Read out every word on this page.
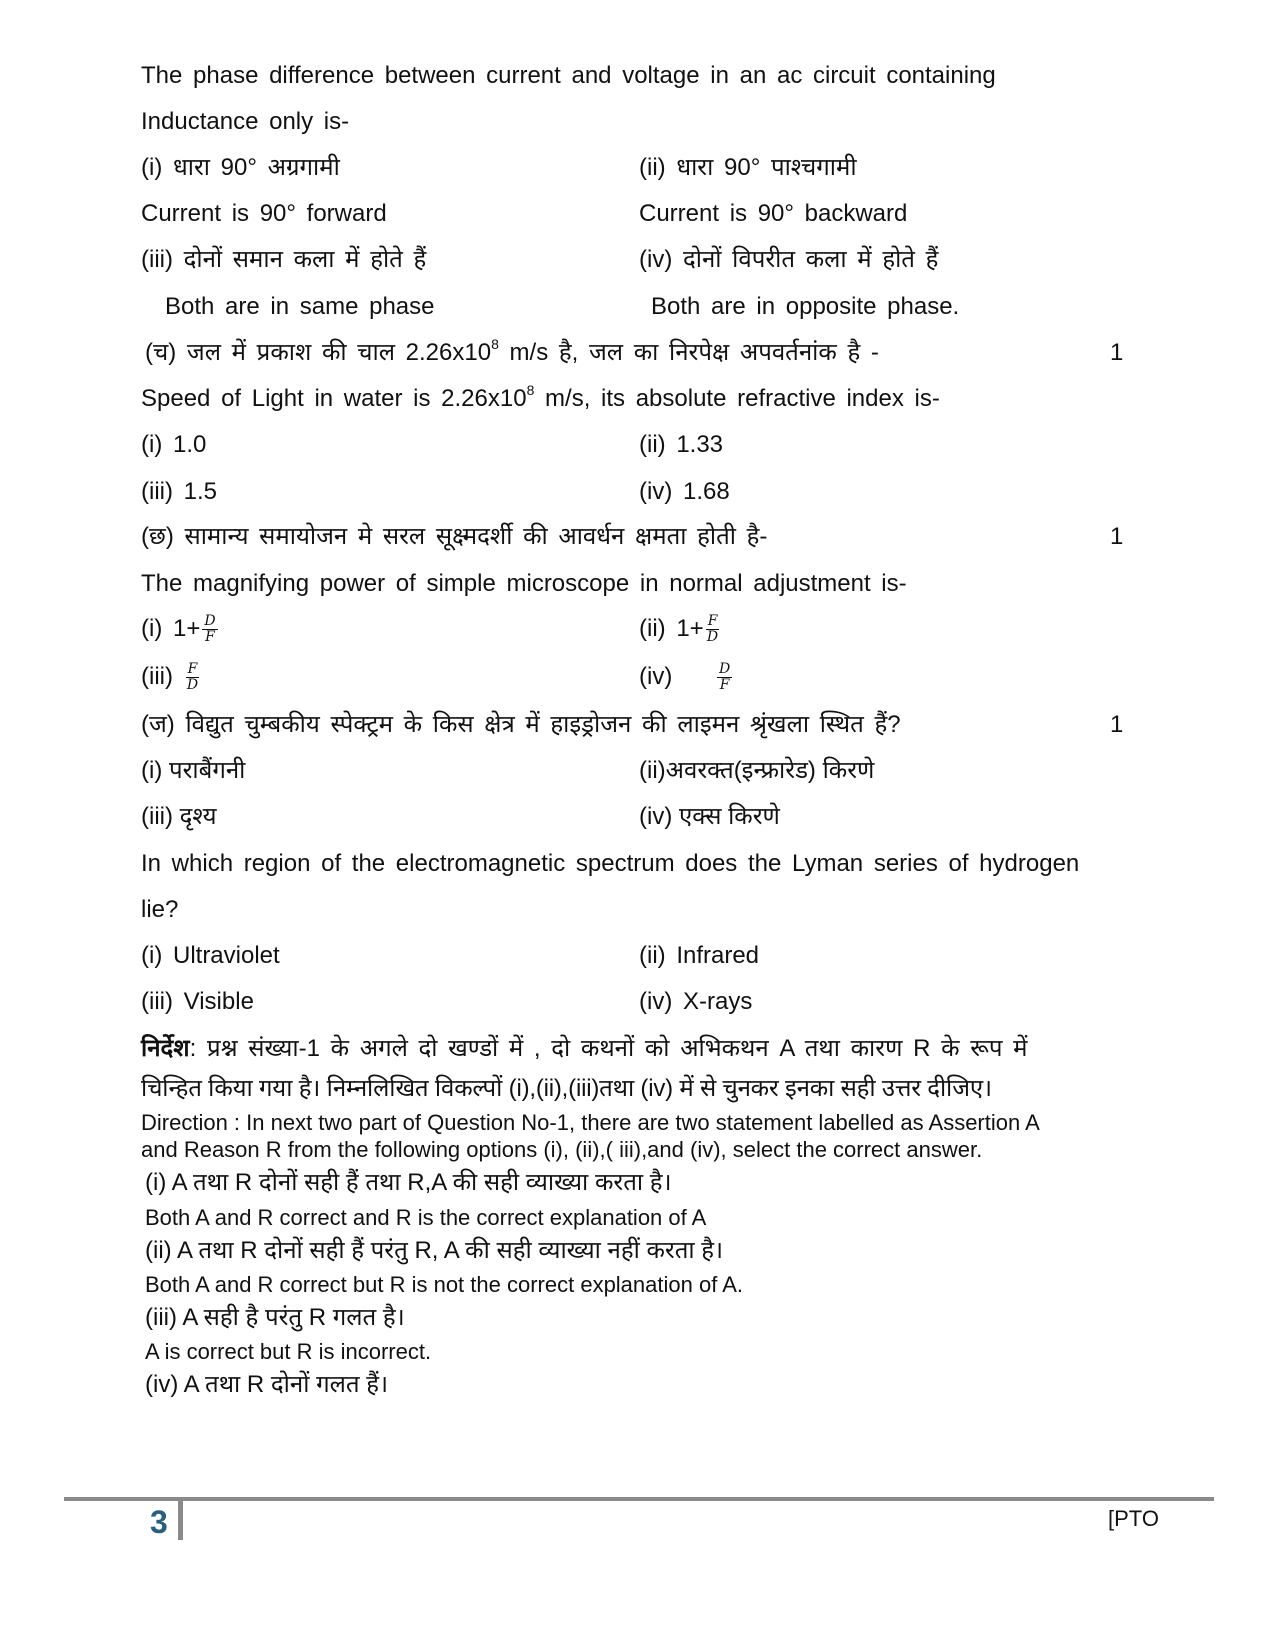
The phase difference between current and voltage in an ac circuit containing
Inductance only is-
(i) धारा 90° अग्रगामी	(ii) धारा 90° पाश्चगामी
Current is 90° forward	Current is 90° backward
(iii) दोनों समान कला में होते हैं	(iv) दोनों विपरीत कला में होते हैं
Both are in same phase	Both are in opposite phase.
(च) जल में प्रकाश की चाल $2.26x10^8$ m/s है, जल का निरपेक्ष अपवर्तनांक है -	1
Speed of Light in water is $2.26x10^8$ m/s, its absolute refractive index is-
(i) 1.0	(ii) 1.33
(iii) 1.5	(iv) 1.68
(छ) सामान्य समायोजन मे सरल सूक्ष्मदर्शी की आवर्धन क्षमता होती है-	1
The magnifying power of simple microscope in normal adjustment is-
(i) $1+ \frac{D}{F}$	(ii) $1+ \frac{F}{D}$
$(iii) \frac{F}{D}$	(iv)	$\frac{D}{F}$
(ज) विद्युत चुम्बकीय स्पेक्ट्रम के किस क्षेत्र में हाइड्रोजन की लाइमन श्रृंखला स्थित हैं?	1
(i) पराबैंगनी	(ii)अवरक्त(इन्फ्रारेड) किरणे
(iii) दृश्य	(iv) एक्स किरणे
In which region of the electromagnetic spectrum does the Lyman series of hydrogen
lie?
(i) Ultraviolet	(ii) Infrared
(iii) Visible	(iv) X-rays
निर्देश: प्रश्न संख्या-1 के अगले दो खण्डों में , दो कथनों को अभिकथन A तथा कारण R के रूप में
चिन्हित किया गया है। निम्नलिखित विकल्पों (i),(ii),(iii)तथा (iv) में से चुनकर इनका सही उत्तर दीजिए।
Direction : In next two part of Question No-1, there are two statement labelled as Assertion A
and Reason R from the following options (i), (ii),( iii),and (iv), select the correct answer.
(i) A तथा R दोनों सही हैं तथा R,A की सही व्याख्या करता है।
Both A and R correct and R is the correct explanation of A
(ii) A तथा R दोनों सही हैं परंतु R, A की सही व्याख्या नहीं करता है।
Both A and R correct but R is not the correct explanation of A.
(iii) A सही है परंतु R गलत है।
A is correct but R is incorrect.
(iv) A तथा R दोनों गलत हैं।
3	[PTO
